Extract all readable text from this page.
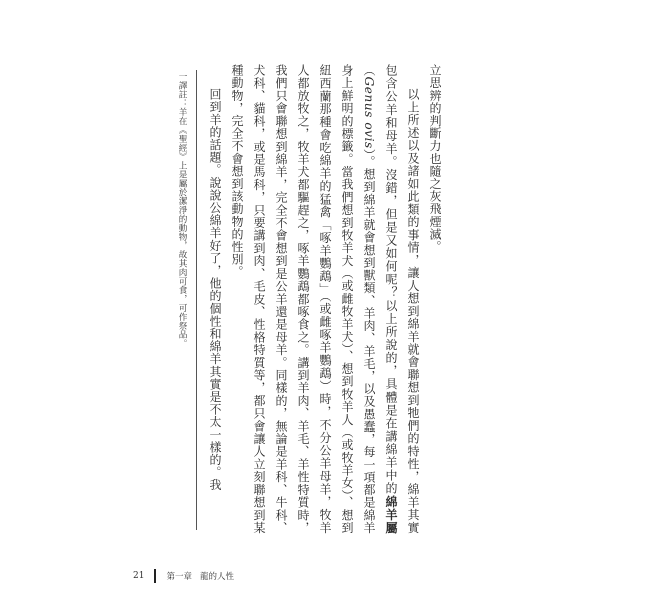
立思辨的判斷力也隨之灰飛煙滅。

以上所述以及諸如此類的事情，讓人想到綿羊就會聯想到牠們的特性，綿羊其實包含公羊和母羊。沒錯，但是又如何呢？以上所說的，具體是在講綿羊中的綿羊屬（Genus ovis）。想到綿羊就會想到獸類、羊肉、羊毛，以及愚蠢，每一項都是綿羊身上鮮明的標籤。當我們想到牧羊犬（或雌牧羊犬）、想到牧羊人（或牧羊女）、想到紐西蘭那種會吃綿羊的猛禽「啄羊鸚鵡」（或雌啄羊鸚鵡）時，不分公羊母羊，牧羊人都放牧之，牧羊犬都驅趕之，啄羊鸚鵡都啄食之。講到羊肉、羊毛、羊性特質時，我們只會聯想到綿羊，完全不會想到是公羊還是母羊。同樣的，無論是羊科、牛科、犬科、貓科，或是馬科，只要講到肉、毛皮、性格特質等，都只會讓人立刻聯想到某種動物，完全不會想到該動物的性別。

回到羊的話題。說說公綿羊好了，他的個性和綿羊其實是不太一樣的。我

一譯註：羊在《聖經》上是屬於潔淨的動物，故其肉可食，可作祭品。
21	第一章 龍的人性
